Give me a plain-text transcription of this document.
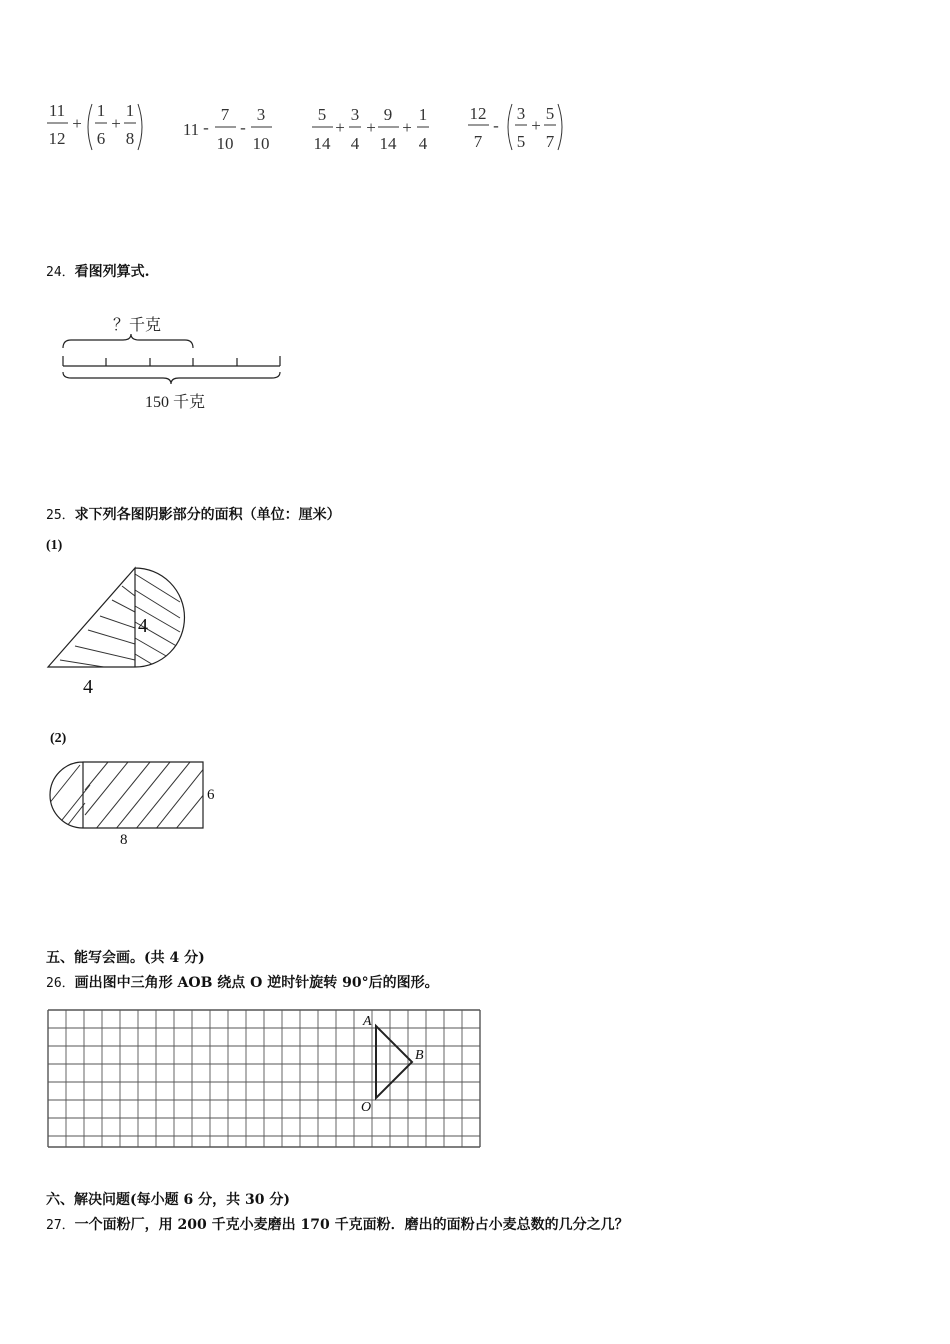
11
12
+
1
6
+
1
8	11 -
7
10
-
3
10
5
14
+
3
4
+
9
14
+
1
4
12
7
-
3
5
+
5
7
24．看图列算式.
？千克
150 千克
25．求下列各图阴影部分的面积（单位：厘米）
(1)
4
4
(2)
6
8
五、能写会画。(共 4 分)
26．画出图中三角形 AOB 绕点 O 逆时针旋转 90°后的图形。
A
B
O
六、解决问题(每小题 6 分，共 30 分)
27．一个面粉厂，用 200 千克小麦磨出 170 千克面粉．磨出的面粉占小麦总数的几分之几？
